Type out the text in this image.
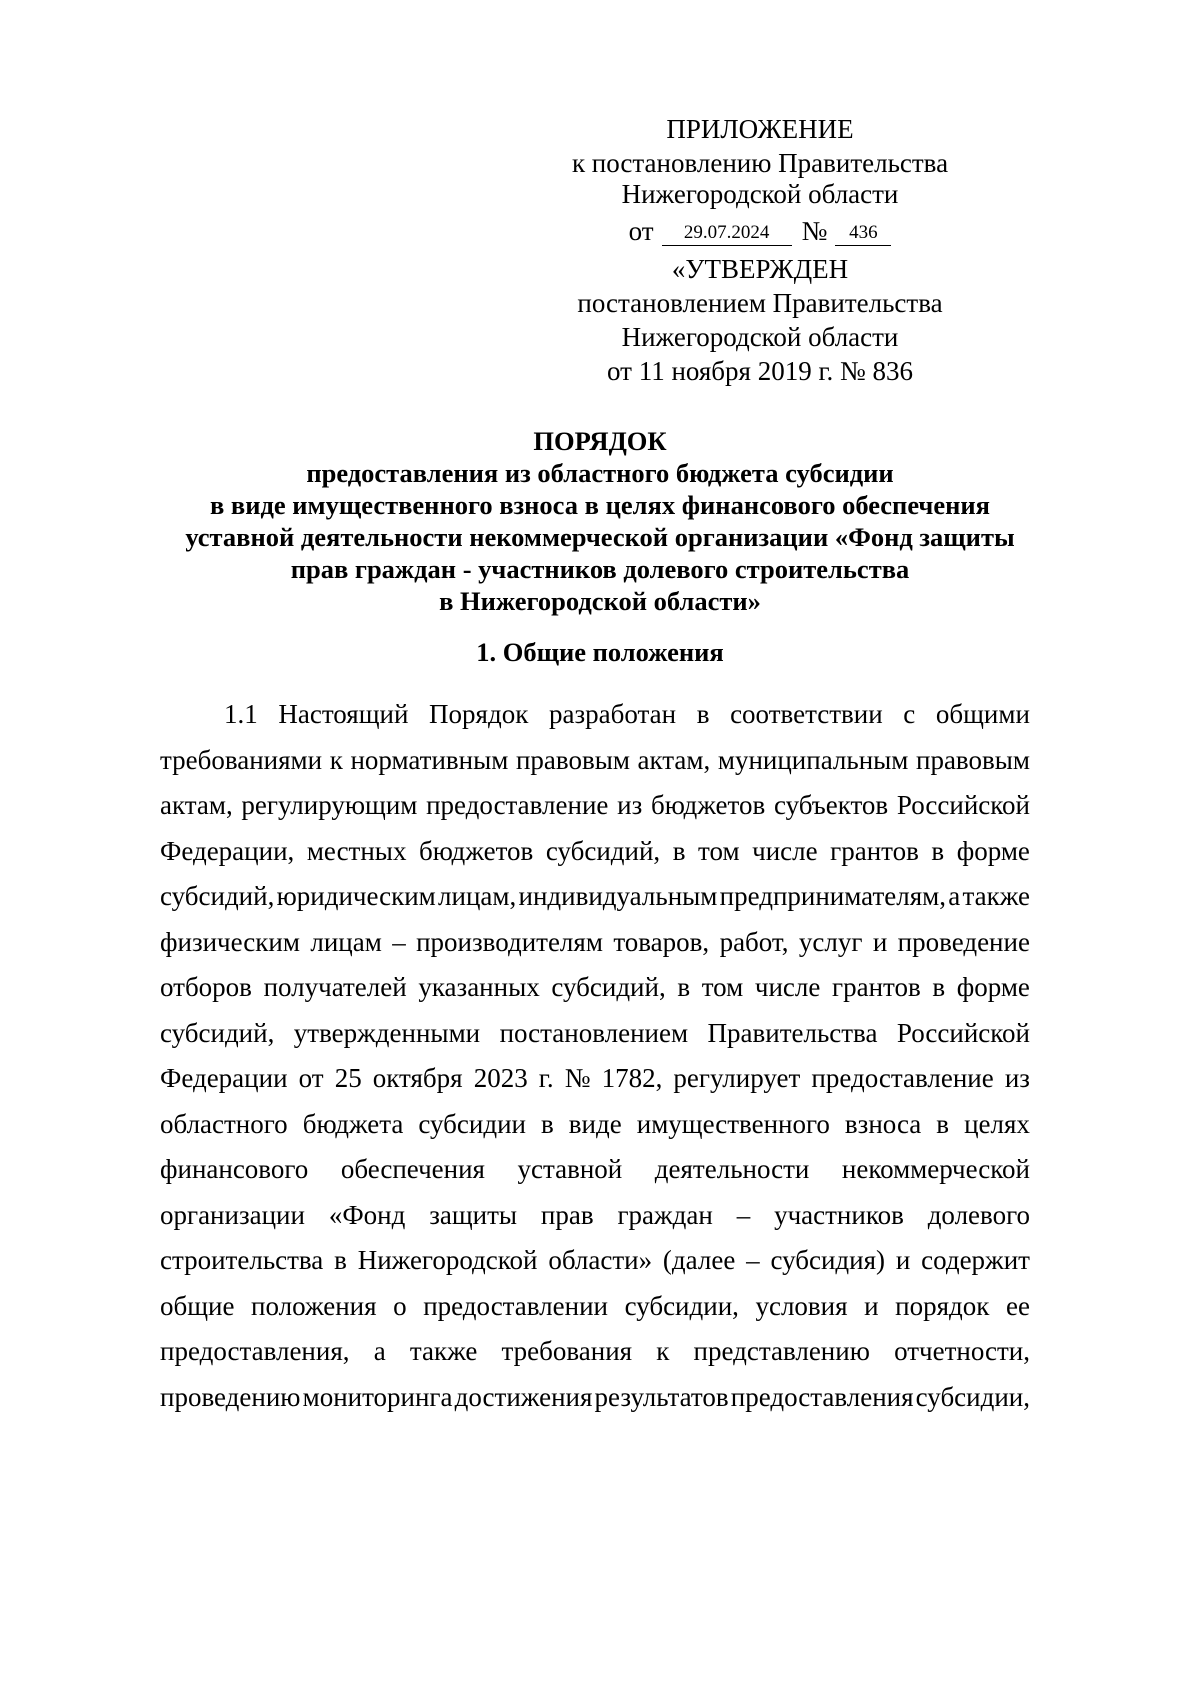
ПРИЛОЖЕНИЕ
к постановлению Правительства
Нижегородской области
от	29.07.2024	№	436
«УТВЕРЖДЕН
постановлением Правительства
Нижегородской области
от 11 ноября 2019 г. № 836
ПОРЯДОК
предоставления из областного бюджета субсидии
в виде имущественного взноса в целях финансового обеспечения
уставной деятельности некоммерческой организации «Фонд защиты
прав граждан - участников долевого строительства
в Нижегородской области»
1. Общие положения
1.1 Настоящий Порядок разработан в соответствии с общими
требованиями к нормативным правовым актам, муниципальным правовым
актам, регулирующим предоставление из бюджетов субъектов Российской
Федерации, местных бюджетов субсидий, в том числе грантов в форме
субсидий, юридическим лицам, индивидуальным предпринимателям, а также
физическим лицам – производителям товаров, работ, услуг и проведение
отборов получателей указанных субсидий, в том числе грантов в форме
субсидий, утвержденными постановлением Правительства Российской
Федерации от 25 октября 2023 г. № 1782, регулирует предоставление из
областного бюджета субсидии в виде имущественного взноса в целях
финансового обеспечения уставной деятельности некоммерческой
организации «Фонд защиты прав граждан – участников долевого
строительства в Нижегородской области» (далее – субсидия) и содержит
общие положения о предоставлении субсидии, условия и порядок ее
предоставления, а также требования к представлению отчетности,
проведению мониторинга достижения результатов предоставления субсидии,
